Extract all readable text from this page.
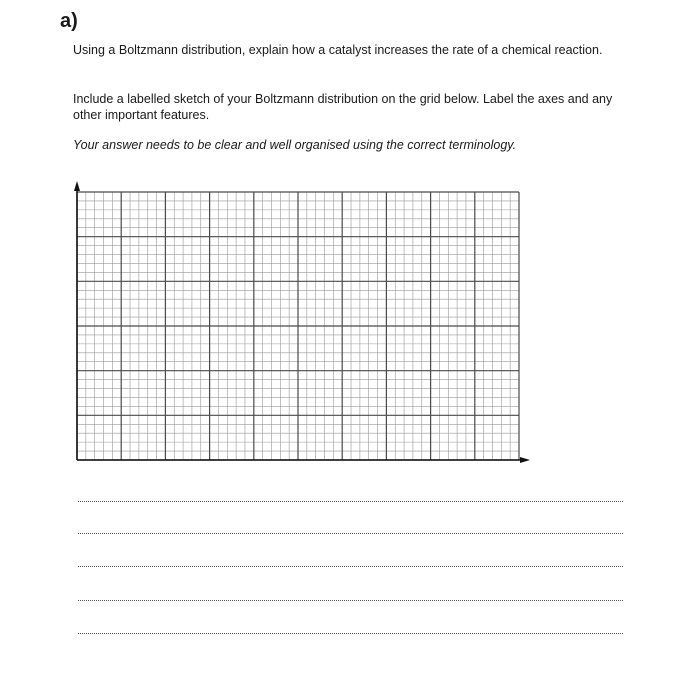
a)

Using a Boltzmann distribution, explain how a catalyst increases the rate of a chemical reaction.

Include a labelled sketch of your Boltzmann distribution on the grid below. Label the axes and any other important features.

Your answer needs to be clear and well organised using the correct terminology.
